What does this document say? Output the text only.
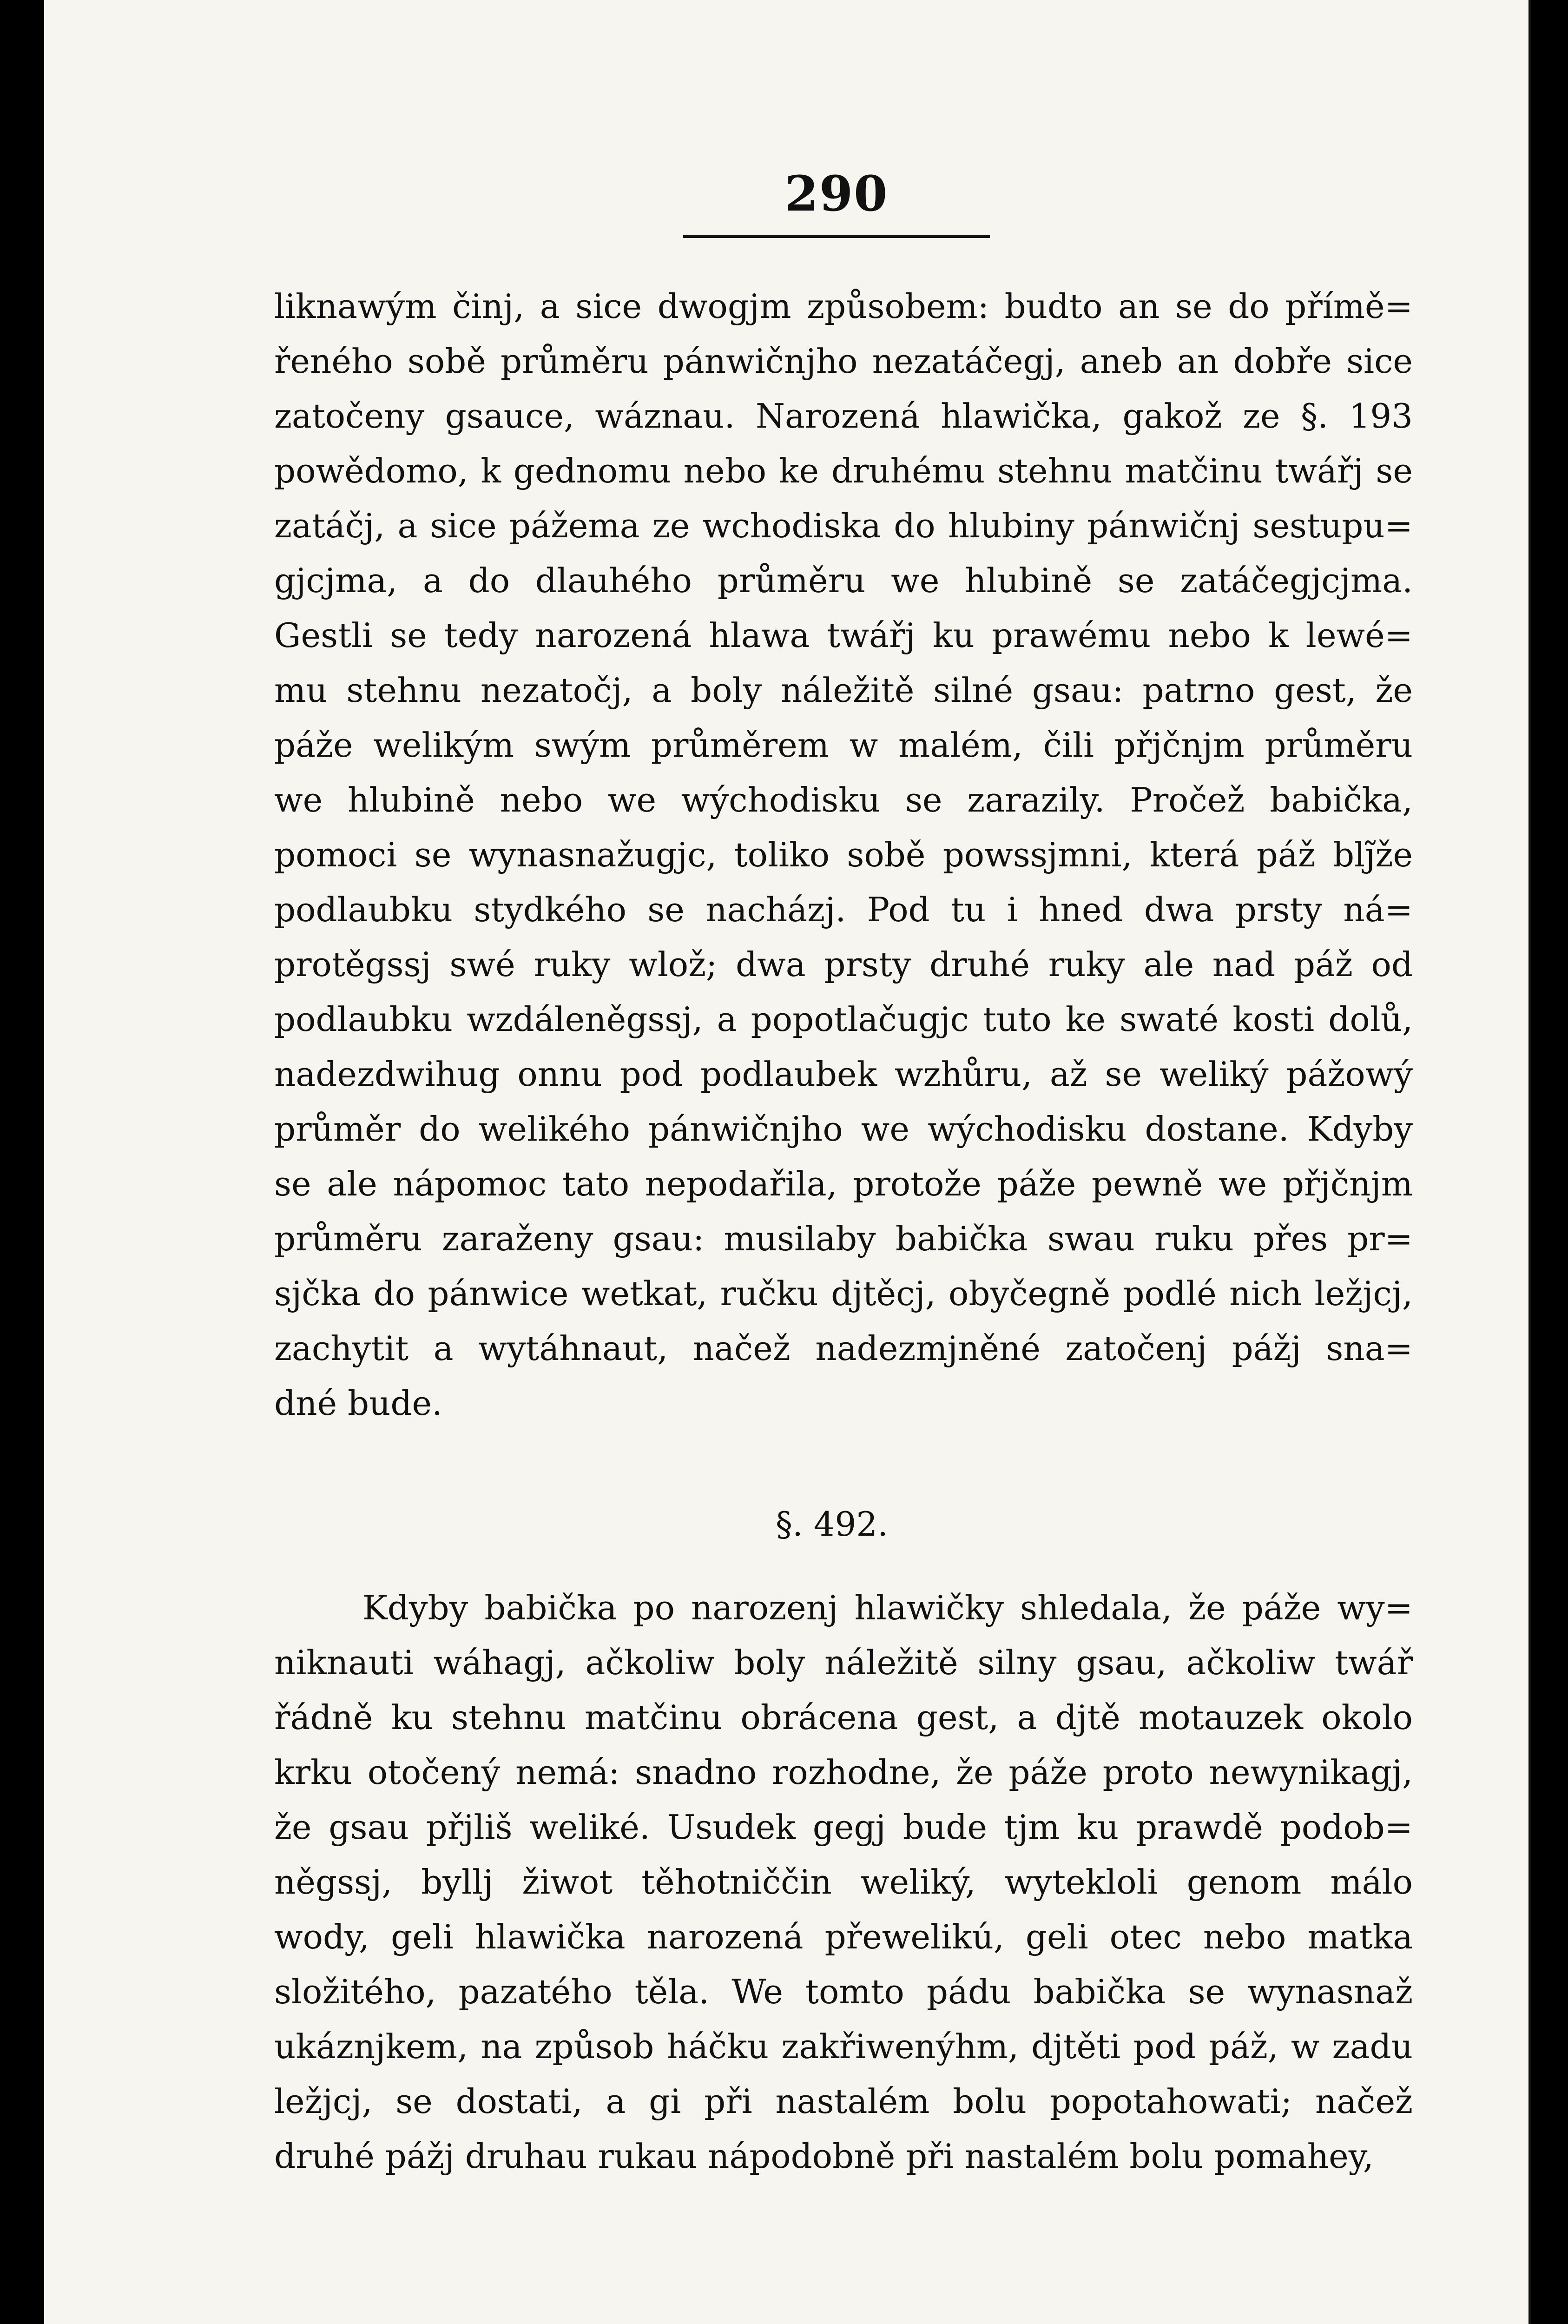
290
liknawým činj, a sice dwogjm způsobem: budto an se do přímě=
řeného sobě průměru pánwičnjho nezatáčegj, aneb an dobře sice
zatočeny gsauce, wáznau. Narozená hlawička, gakož ze §. 193
powědomo, k gednomu nebo ke druhému stehnu matčinu twářj se
zatáčj, a sice pážema ze wchodiska do hlubiny pánwičnj sestupu=
gjcjma, a do dlauhého průměru we hlubině se zatáčegjcjma.
Gestli se tedy narozená hlawa twářj ku prawému nebo k lewé=
mu stehnu nezatočj, a boly náležitě silné gsau: patrno gest, že
páže welikým swým průměrem w malém, čili přjčnjm průměru
we hlubině nebo we wýchodisku se zarazily. Pročež babička,
pomoci se wynasnažugjc, toliko sobě powssjmni, která páž blj̃že
podlaubku stydkého se nacházj. Pod tu i hned dwa prsty ná=
protěgssj swé ruky wlož; dwa prsty druhé ruky ale nad páž od
podlaubku wzdáleněgssj, a popotlačugjc tuto ke swaté kosti dolů,
nadezdwihug onnu pod podlaubek wzhůru, až se weliký pážowý
průměr do welikého pánwičnjho we wýchodisku dostane. Kdyby
se ale nápomoc tato nepodařila, protože páže pewně we přjčnjm
průměru zaraženy gsau: musilaby babička swau ruku přes pr=
sjčka do pánwice wetkat, ručku djtěcj, obyčegně podlé nich ležjcj,
zachytit a wytáhnaut, načež nadezmjněné zatočenj pážj sna=
dné bude.
§. 492.
Kdyby babička po narozenj hlawičky shledala, že páže wy=
niknauti wáhagj, ačkoliw boly náležitě silny gsau, ačkoliw twář
řádně ku stehnu matčinu obrácena gest, a djtě motauzek okolo
krku otočený nemá: snadno rozhodne, že páže proto newynikagj,
že gsau přjliš weliké. Usudek gegj bude tjm ku prawdě podob=
něgssj, byllj žiwot těhotniččin weliký, wytekloli genom málo
wody, geli hlawička narozená přewelikú, geli otec nebo matka
složitého, pazatého těla. We tomto pádu babička se wynasnaž
ukáznjkem, na způsob háčku zakřiwenýhm, djtěti pod páž, w zadu
ležjcj, se dostati, a gi při nastalém bolu popotahowati; načež
druhé pážj druhau rukau nápodobně při nastalém bolu pomahey,
